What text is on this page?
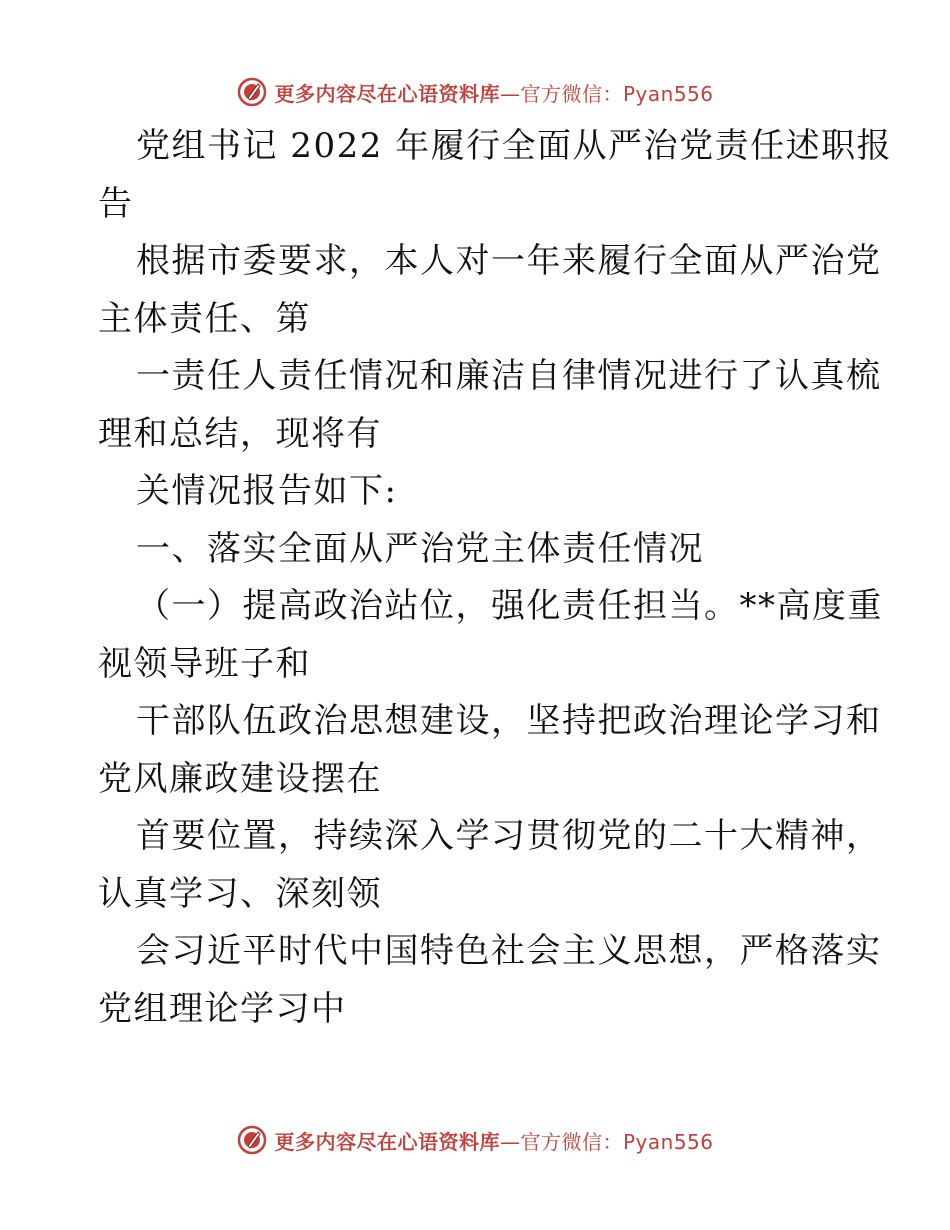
更多内容尽在心语资料库—官方微信：Pyan556
党组书记 2022 年履行全面从严治党责任述职报
告
根据市委要求，本人对一年来履行全面从严治党
主体责任、第
一责任人责任情况和廉洁自律情况进行了认真梳
理和总结，现将有
关情况报告如下:
一、落实全面从严治党主体责任情况
（一）提高政治站位，强化责任担当。**高度重
视领导班子和
干部队伍政治思想建设，坚持把政治理论学习和
党风廉政建设摆在
首要位置，持续深入学习贯彻党的二十大精神，
认真学习、深刻领
会习近平时代中国特色社会主义思想，严格落实
党组理论学习中
更多内容尽在心语资料库—官方微信：Pyan556
